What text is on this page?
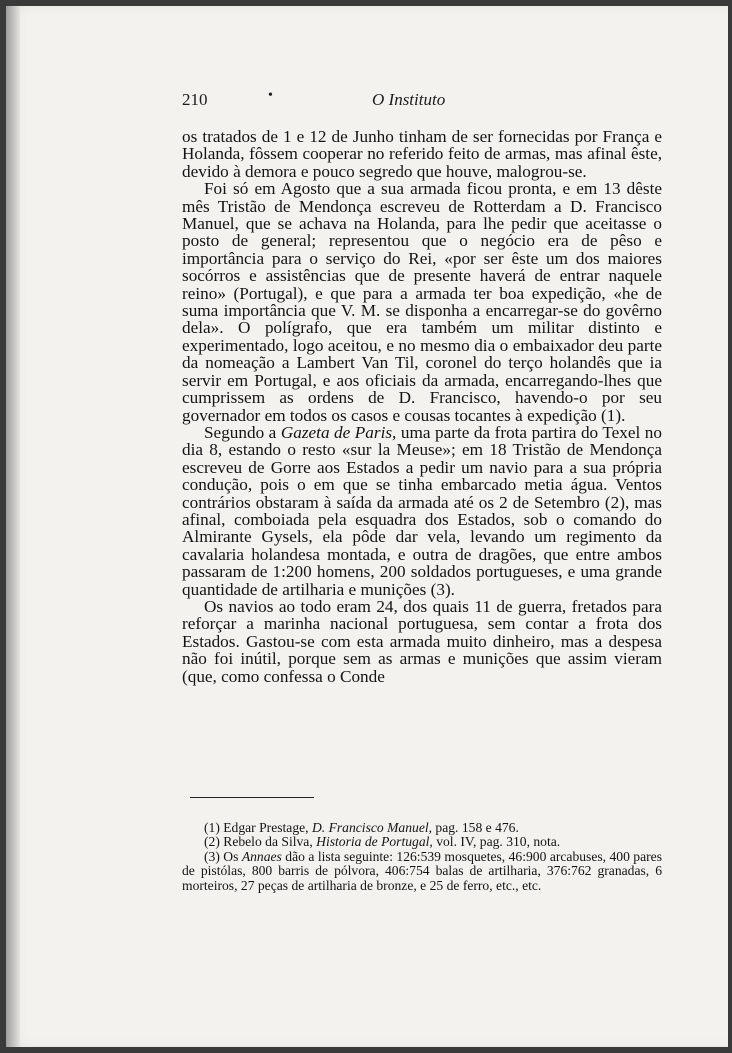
210	•	O Instituto

os tratados de 1 e 12 de Junho tinham de ser fornecidas por França e Holanda, fôssem cooperar no referido feito de armas, mas afinal êste, devido à demora e pouco segredo que houve, malogrou-se.

Foi só em Agosto que a sua armada ficou pronta, e em 13 dêste mês Tristão de Mendonça escreveu de Rotterdam a D. Francisco Manuel, que se achava na Holanda, para lhe pedir que aceitasse o posto de general; representou que o negócio era de pêso e importância para o serviço do Rei, «por ser êste um dos maiores socórros e assistências que de presente haverá de entrar naquele reino» (Portugal), e que para a armada ter boa expedição, «he de suma importância que V. M. se disponha a encarregar-se do govêrno dela». O polígrafo, que era também um militar distinto e experimentado, logo aceitou, e no mesmo dia o embaixador deu parte da nomeação a Lambert Van Til, coronel do terço holandês que ia servir em Portugal, e aos oficiais da armada, encarregando-lhes que cumprissem as ordens de D. Francisco, havendo-o por seu governador em todos os casos e cousas tocantes à expedição (1).

Segundo a Gazeta de Paris, uma parte da frota partira do Texel no dia 8, estando o resto «sur la Meuse»; em 18 Tristão de Mendonça escreveu de Gorre aos Estados a pedir um navio para a sua própria condução, pois o em que se tinha embarcado metia água. Ventos contrários obstaram à saída da armada até os 2 de Setembro (2), mas afinal, comboiada pela esquadra dos Estados, sob o comando do Almirante Gysels, ela pôde dar vela, levando um regimento da cavalaria holandesa montada, e outra de dragões, que entre ambos passaram de 1:200 homens, 200 soldados portugueses, e uma grande quantidade de artilharia e munições (3).

Os navios ao todo eram 24, dos quais 11 de guerra, fretados para reforçar a marinha nacional portuguesa, sem contar a frota dos Estados. Gastou-se com esta armada muito dinheiro, mas a despesa não foi inútil, porque sem as armas e munições que assim vieram (que, como confessa o Conde

(1) Edgar Prestage, D. Francisco Manuel, pag. 158 e 476.

(2) Rebelo da Silva, Historia de Portugal, vol. IV, pag. 310, nota.

(3) Os Annaes dão a lista seguinte: 126:539 mosquetes, 46:900 arcabuses, 400 pares de pistólas, 800 barris de pólvora, 406:754 balas de artilharia, 376:762 granadas, 6 morteiros, 27 peças de artilharia de bronze, e 25 de ferro, etc., etc.
